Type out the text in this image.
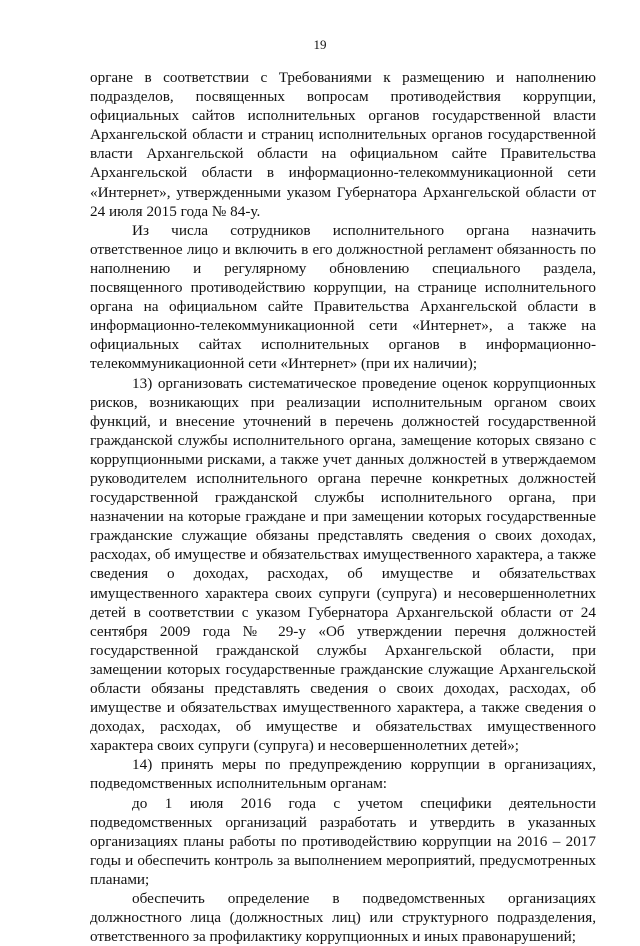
19

органе в соответствии с Требованиями к размещению и наполнению подразделов, посвященных вопросам противодействия коррупции, официальных сайтов исполнительных органов государственной власти Архангельской области и страниц исполнительных органов государственной власти Архангельской области на официальном сайте Правительства Архангельской области в информационно-телекоммуникационной сети «Интернет», утвержденными указом Губернатора Архангельской области от 24 июля 2015 года № 84-у.

Из числа сотрудников исполнительного органа назначить ответственное лицо и включить в его должностной регламент обязанность по наполнению и регулярному обновлению специального раздела, посвященного противодействию коррупции, на странице исполнительного органа на официальном сайте Правительства Архангельской области в информационно-телекоммуникационной сети «Интернет», а также на официальных сайтах исполнительных органов в информационно-телекоммуникационной сети «Интернет» (при их наличии);

13) организовать систематическое проведение оценок коррупционных рисков, возникающих при реализации исполнительным органом своих функций, и внесение уточнений в перечень должностей государственной гражданской службы исполнительного органа, замещение которых связано с коррупционными рисками, а также учет данных должностей в утверждаемом руководителем исполнительного органа перечне конкретных должностей государственной гражданской службы исполнительного органа, при назначении на которые граждане и при замещении которых государственные гражданские служащие обязаны представлять сведения о своих доходах, расходах, об имуществе и обязательствах имущественного характера, а также сведения о доходах, расходах, об имуществе и обязательствах имущественного характера своих супруги (супруга) и несовершеннолетних детей в соответствии с указом Губернатора Архангельской области от 24 сентября 2009 года № 29-у «Об утверждении перечня должностей государственной гражданской службы Архангельской области, при замещении которых государственные гражданские служащие Архангельской области обязаны представлять сведения о своих доходах, расходах, об имуществе и обязательствах имущественного характера, а также сведения о доходах, расходах, об имуществе и обязательствах имущественного характера своих супруги (супруга) и несовершеннолетних детей»;

14) принять меры по предупреждению коррупции в организациях, подведомственных исполнительным органам:

до 1 июля 2016 года с учетом специфики деятельности подведомственных организаций разработать и утвердить в указанных организациях планы работы по противодействию коррупции на 2016 – 2017 годы и обеспечить контроль за выполнением мероприятий, предусмотренных планами;

обеспечить определение в подведомственных организациях должностного лица (должностных лиц) или структурного подразделения, ответственного за профилактику коррупционных и иных правонарушений;
